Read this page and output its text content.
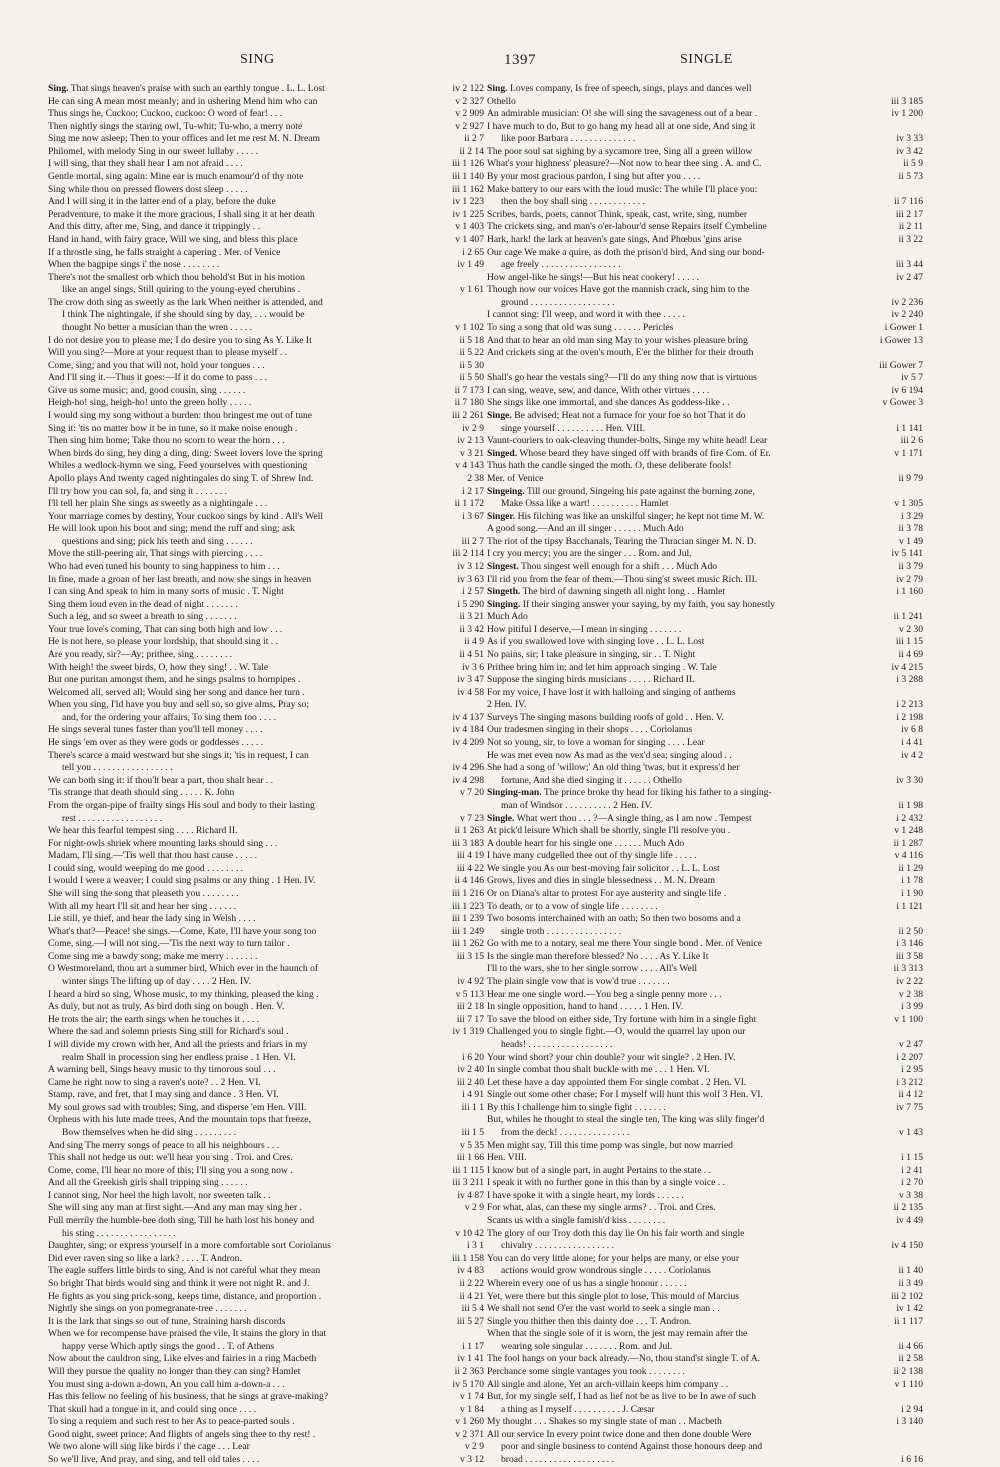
SING	1397	SINGLE
Sing. That sings heaven's praise with such an earthly tongue . L. L. Lost	iv 2 122
He can sing A mean most meanly; and in ushering Mend him who can	v 2 327
Thus sings he, Cuckoo; Cuckoo, cuckoo: O word of fear! . . .	v 2 909
Then nightly sings the staring owl, Tu-whit; Tu-who, a merry note	v 2 927
Sing me now asleep; Then to your offices and let me rest M. N. Dream	ii 2 7
Philomel, with melody Sing in our sweet lullaby . . . . .	ii 2 14
I will sing, that they shall hear I am not afraid . . . .	iii 1 126
Gentle mortal, sing again: Mine ear is much enamour'd of thy note	iii 1 140
Sing while thou on pressed flowers dost sleep . . . . .	iii 1 162
And I will sing it in the latter end of a play, before the duke	iv 1 223
Peradventure, to make it the more gracious, I shall sing it at her death	iv 1 225
And this ditty, after me, Sing, and dance it trippingly . .	v 1 403
Hand in hand, with fairy grace, Will we sing, and bless this place	v 1 407
If a throstle sing, he falls straight a capering . Mer. of Venice	i 2 65
When the bagpipe sings i' the nose . . . . . . . .	iv 1 49
There's not the smallest orb which thou behold'st But in his motion
like an angel sings, Still quiring to the young-eyed cherubins .	v 1 61
The crow doth sing as sweetly as the lark When neither is attended, and
I think The nightingale, if she should sing by day, . . . would be
thought No better a musician than the wren . . . . .	v 1 102
I do not desire you to please me; I do desire you to sing As Y. Like It	ii 5 18
Will you sing?—More at your request than to please myself . .	ii 5 22
Come, sing; and you that will not, hold your tongues . . .	ii 5 30
And I'll sing it.—Thus it goes:—If it do come to pass . . .	ii 5 50
Give us some music; and, good cousin, sing . . . . . .	ii 7 173
Heigh-ho! sing, heigh-ho! unto the green holly . . . . .	ii 7 180
I would sing my song without a burden: thou bringest me out of tune	iii 2 261
Sing it: 'tis no matter how it be in tune, so it make noise enough .	iv 2 9
Then sing him home; Take thou no scorn to wear the horn . . .	iv 2 13
When birds do sing, hey ding a ding, ding: Sweet lovers love the spring	v 3 21
Whiles a wedlock-hymn we sing, Feed yourselves with questioning	v 4 143
Apollo plays And twenty caged nightingales do sing T. of Shrew Ind.	2 38
I'll try how you can sol, fa, and sing it . . . . . . .	i 2 17
I'll tell her plain She sings as sweetly as a nightingale . . .	ii 1 172
Your marriage comes by destiny, Your cuckoo sings by kind . All's Well	i 3 67
He will look upon his boot and sing; mend the ruff and sing; ask
questions and sing; pick his teeth and sing . . . . . .	iii 2 7
Move the still-peering air, That sings with piercing . . . .	iii 2 114
Who had even tuned his bounty to sing happiness to him . . .	iv 3 12
In fine, made a groan of her last breath, and now she sings in heaven	iv 3 63
I can sing And speak to him in many sorts of music . T. Night	i 2 57
Sing them loud even in the dead of night . . . . . . .	i 5 290
Such a leg, and so sweet a breath to sing . . . . . . .	ii 3 21
Your true love's coming, That can sing both high and low . . .	ii 3 42
He is not here, so please your lordship, that should sing it . .	ii 4 9
Are you ready, sir?—Ay; prithee, sing . . . . . . . .	ii 4 51
With heigh! the sweet birds, O, how they sing! . . W. Tale	iv 3 6
But one puritan amongst them, and he sings psalms to hornpipes .	iv 3 47
Welcomed all, served all; Would sing her song and dance her turn .	iv 4 58
When you sing, I'ld have you buy and sell so, so give alms, Pray so;
and, for the ordering your affairs, To sing them too . . . .	iv 4 137
He sings several tunes faster than you'll tell money . . . .	iv 4 184
He sings 'em over as they were gods or goddesses . . . . .	iv 4 209
There's scarce a maid westward but she sings it; 'tis in request, I can
tell you . . . . . . . . . . . . . . . . .	iv 4 296
We can both sing it: if thou'lt bear a part, thou shalt hear . .	iv 4 298
'Tis strange that death should sing . . . . . K. John	v 7 20
From the organ-pipe of frailty sings His soul and body to their lasting
rest . . . . . . . . . . . . . . . . . .	v 7 23
We hear this fearful tempest sing . . . . Richard II.	ii 1 263
For night-owls shriek where mounting larks should sing . . .	iii 3 183
Madam, I'll sing.—'Tis well that thou hast cause . . . . .	iii 4 19
I could sing, would weeping do me good . . . . . . . .	iii 4 22
I would I were a weaver; I could sing psalms or any thing . 1 Hen. IV.	ii 4 146
She will sing the song that pleaseth you . . . . . . . .	iii 1 216
With all my heart I'll sit and hear her sing . . . . . .	iii 1 223
Lie still, ye thief, and hear the lady sing in Welsh . . . .	iii 1 239
What's that?—Peace! she sings.—Come, Kate, I'll have your song too	iii 1 249
Come, sing.—I will not sing.—'Tis the next way to turn tailor .	iii 1 262
Come sing me a bawdy song; make me merry . . . . . . .	iii 3 15
O Westmoreland, thou art a summer bird, Which ever in the haunch of
winter sings The lifting up of day . . . . 2 Hen. IV.	iv 4 92
I heard a bird so sing, Whose music, to my thinking, pleased the king .	v 5 113
As duly, but not as truly, As bird doth sing on bough . Hen. V.	iii 2 18
He trots the air; the earth sings when he touches it . . . .	iii 7 17
Where the sad and solemn priests Sing still for Richard's soul .	iv 1 319
I will divide my crown with her, And all the priests and friars in my
realm Shall in procession sing her endless praise . 1 Hen. VI.	i 6 20
A warning bell, Sings heavy music to thy timorous soul . . .	iv 2 40
Came he right now to sing a raven's note? . . 2 Hen. VI.	iii 2 40
Stamp, rave, and fret, that I may sing and dance . 3 Hen. VI.	i 4 91
My soul grows sad with troubles; Sing, and disperse 'em Hen. VIII.	iii 1 1
Orpheus with his lute made trees, And the mountain tops that freeze,
Bow themselves when he did sing . . . . . . . . .	iii 1 5
And sing The merry songs of peace to all his neighbours . . .	v 5 35
This shall not hedge us out: we'll hear you sing . Troi. and Cres.	iii 1 66
Come, come, I'll hear no more of this; I'll sing you a song now .	iii 1 115
And all the Greekish girls shall tripping sing . . . . . .	iii 3 211
I cannot sing, Nor heel the high lavolt, nor sweeten talk . .	iv 4 87
She will sing any man at first sight.—And any man may sing her .	v 2 9
Full merrily the humble-bee doth sing, Till he hath lost his honey and
his sting . . . . . . . . . . . . . . . . .	v 10 42
Daughter, sing; or express yourself in a more comfortable sort Coriolanus	i 3 1
Did ever raven sing so like a lark? . . . . T. Andron.	iii 1 158
The eagle suffers little birds to sing, And is not careful what they mean	iv 4 83
So bright That birds would sing and think it were not night R. and J.	ii 2 22
He fights as you sing prick-song, keeps time, distance, and proportion .	ii 4 21
Nightly she sings on yon pomegranate-tree . . . . . . .	iii 5 4
It is the lark that sings so out of tune, Straining harsh discords	iii 5 27
When we for recompense have praised the vile, It stains the glory in that
happy verse Which aptly sings the good . . T. of Athens	i 1 17
Now about the cauldron sing, Like elves and fairies in a ring Macbeth	iv 1 41
Will they pursue the quality no longer than they can sing? Hamlet	ii 2 363
You must sing a-down a-down, An you call him a-down-a . . .	iv 5 170
Has this fellow no feeling of his business, that he sings at grave-making?	v 1 74
That skull had a tongue in it, and could sing once . . . .	v 1 84
To sing a requiem and such rest to her As to peace-parted souls .	v 1 260
Good night, sweet prince; And flights of angels sing thee to thy rest! .	v 2 371
We two alone will sing like birds i' the cage . . . Lear	v 2 9
So we'll live, And pray, and sing, and tell old tales . . . .	v 3 12
Sing. Loves company, Is free of speech, sings, plays and dances well
Othello	iii 3 185
An admirable musician: O! she will sing the savageness out of a bear .	iv 1 200
I have much to do, But to go hang my head all at one side, And sing it
like poor Barbara . . . . . . . . . . . . . .	iv 3 33
The poor soul sat sighing by a sycamore tree, Sing all a green willow	iv 3 42
What's your highness' pleasure?—Not now to hear thee sing . A. and C.	ii 5 9
By your most gracious pardon, I sing but after you . . . .	ii 5 73
Make battery to our ears with the loud music: The while I'll place you:
then the boy shall sing . . . . . . . . . . . .	ii 7 116
Scribes, bards, poets, cannot Think, speak, cast, write, sing, number	iii 2 17
The crickets sing, and man's o'er-labour'd sense Repairs itself Cymbeline	ii 2 11
Hark, hark! the lark at heaven's gate sings, And Phœbus 'gins arise	ii 3 22
Our cage We make a quire, as doth the prison'd bird, And sing our bond-
age freely . . . . . . . . . . . . . . . . .	iii 3 44
How angel-like he sings!—But his neat cookery! . . . . .	iv 2 47
Though now our voices Have got the mannish crack, sing him to the
ground . . . . . . . . . . . . . . . . . .	iv 2 236
I cannot sing: I'll weep, and word it with thee . . . . .	iv 2 240
To sing a song that old was sung . . . . . . Pericles	i Gower 1
And that to hear an old man sing May to your wishes pleasure bring	i Gower 13
And crickets sing at the oven's mouth, E'er the blither for their drouth
iii Gower 7
Shall's go hear the vestals sing?—I'll do any thing now that is virtuous	iv 5 7
I can sing, weave, sew, and dance, With other virtues . . . .	iv 6 194
She sings like one immortal, and she dances As goddess-like . .	v Gower 3
Singe. Be advised; Heat not a furnace for your foe so hot That it do
singe yourself . . . . . . . . . . Hen. VIII.	i 1 141
Vaunt-couriers to oak-cleaving thunder-bolts, Singe my white head! Lear	iii 2 6
Singed. Whose beard they have singed off with brands of fire Com. of Er.	v 1 171
Thus hath the candle singed the moth. O, these deliberate fools!
Mer. of Venice	ii 9 79
Singeing. Till our ground, Singeing his pate against the burning zone,
Make Ossa like a wart! . . . . . . . . . . Hamlet	v 1 305
Singer. His filching was like an unskilful singer; he kept not time M. W.	i 3 29
A good song.—And an ill singer . . . . . . Much Ado	ii 3 78
The riot of the tipsy Bacchanals, Tearing the Thracian singer M. N. D.	v 1 49
I cry you mercy; you are the singer . . . Rom. and Jul.	iv 5 141
Singest. Thou singest well enough for a shift . . . Much Ado	ii 3 79
I'll rid you from the fear of them.—Thou sing'st sweet music Rich. III.	iv 2 79
Singeth. The bird of dawning singeth all night long . . Hamlet	i 1 160
Singing. If their singing answer your saying, by my faith, you say honestly
Much Ado	ii 1 241
How pitiful I deserve,—I mean in singing . . . . . . .	v 2 30
As if you swallowed love with singing love . . L. L. Lost	iii 1 15
No pains, sir; I take pleasure in singing, sir . . T. Night	ii 4 69
Prithee bring him in; and let him approach singing . W. Tale	iv 4 215
Suppose the singing birds musicians . . . . . Richard II.	i 3 288
For my voice, I have lost it with halloing and singing of anthems
2 Hen. IV.	i 2 213
Surveys The singing masons building roofs of gold . . Hen. V.	i 2 198
Our tradesmen singing in their shops . . . . Coriolanus	iv 6 8
Not so young, sir, to love a woman for singing . . . . Lear	i 4 41
He was met even now As mad as the vex'd sea; singing aloud . .	iv 4 2
She had a song of 'willow;' An old thing 'twas, but it express'd her
fortune, And she died singing it . . . . . . Othello	iv 3 30
Singing-man. The prince broke thy head for liking his father to a singing-
man of Windsor . . . . . . . . . . 2 Hen. IV.	ii 1 98
Single. What wert thou . . . ?—A single thing, as I am now . Tempest	i 2 432
At pick'd leisure Which shall be shortly, single I'll resolve you .	v 1 248
A double heart for his single one . . . . . . Much Ado	ii 1 287
I have many cudgelled thee out of thy single life . . . . .	v 4 116
We single you As our best-moving fair solicitor . . L. L. Lost	ii 1 29
Grows, lives and dies in single blessedness . . M. N. Dream	i 1 78
Or on Diana's altar to protest For aye austerity and single life .	i 1 90
To death, or to a vow of single life . . . . . . . .	i 1 121
Two bosoms interchained with an oath; So then two bosoms and a
single troth . . . . . . . . . . . . . . . .	ii 2 50
Go with me to a notary, seal me there Your single bond . Mer. of Venice	i 3 146
Is the single man therefore blessed? No . . . . As Y. Like It	iii 3 58
I'll to the wars, she to her single sorrow . . . . All's Well	ii 3 313
The plain single vow that is vow'd true . . . . . . .	iv 2 22
Hear me one single word.—You beg a single penny more . . .	v 2 38
In single opposition, hand to hand . . . . . 1 Hen. IV.	i 3 99
To save the blood on either side, Try fortune with him in a single fight	v 1 100
Challenged you to single fight.—O, would the quarrel lay upon our
heads! . . . . . . . . . . . . . . . . . .	v 2 47
Your wind short? your chin double? your wit single? . 2 Hen. IV.	i 2 207
In single combat thou shalt buckle with me . . . 1 Hen. VI.	i 2 95
Let these have a day appointed them For single combat . 2 Hen. VI.	i 3 212
Single out some other chase; For I myself will hunt this wolf 3 Hen. VI.	ii 4 12
By this I challenge him to single fight . . . . . . .	iv 7 75
But, whiles he thought to steal the single ten, The king was slily finger'd
from the deck! . . . . . . . . . . . . . . .	v 1 43
Men might say, Till this time pomp was single, but now married
Hen. VIII.	i 1 15
I know but of a single part, in aught Pertains to the state . .	i 2 41
I speak it with no further gone in this than by a single voice . .	i 2 70
I have spoke it with a single heart, my lords . . . . . .	v 3 38
For what, alas, can these my single arms? . . Troi. and Cres.	ii 2 135
Scants us with a single famish'd kiss . . . . . . . .	iv 4 49
The glory of our Troy doth this day lie On his fair worth and single
chivalry . . . . . . . . . . . . . . . . .	iv 4 150
You can do very little alone; for your helps are many, or else your
actions would grow wondrous single . . . . . Coriolanus	ii 1 40
Wherein every one of us has a single honour . . . . . .	ii 3 49
Yet, were there but this single plot to lose, This mould of Marcius	iii 2 102
We shall not send O'er the vast world to seek a single man . .	iv 1 42
Single you thither then this dainty doe . . . T. Andron.	ii 1 117
When that the single sole of it is worn, the jest may remain after the
wearing sole singular . . . . . . . Rom. and Jul.	ii 4 66
The fool hangs on your back already.—No, thou stand'st single T. of A.	ii 2 58
Perchance some single vantages you took . . . . . . . .	ii 2 138
All single and alone, Yet an arch-villain keeps him company . .	v 1 110
But, for my single self, I had as lief not be as live to be In awe of such
a thing as I myself . . . . . . . . . . J. Cæsar	i 2 94
My thought . . . Shakes so my single state of man . . Macbeth	i 3 140
All our service In every point twice done and then done double Were
poor and single business to contend Against those honours deep and
broad . . . . . . . . . . . . . . . . . . .	i 6 16
